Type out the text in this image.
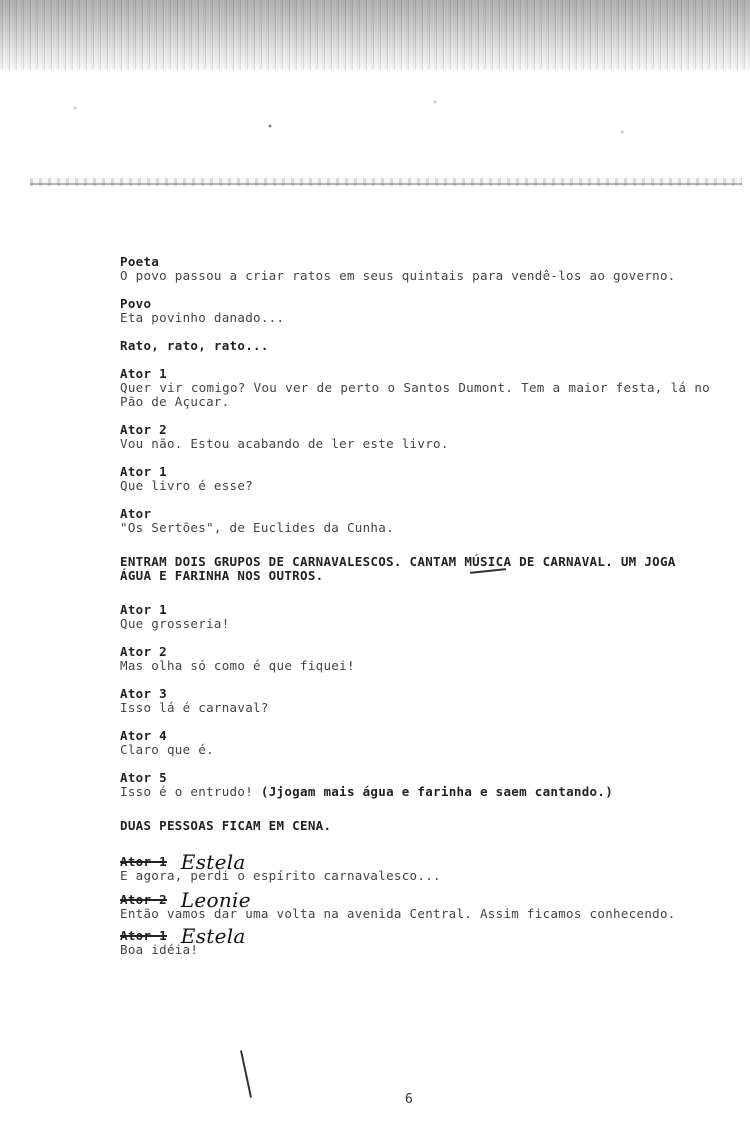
Poeta
O povo passou a criar ratos em seus quintais para vendê-los ao governo.
Povo
Eta povinho danado...
Rato, rato, rato...
Ator 1
Quer vir comigo? Vou ver de perto o Santos Dumont. Tem a maior festa, lá no Pão de Açucar.
Ator 2
Vou não. Estou acabando de ler este livro.
Ator 1
Que livro é esse?
Ator
"Os Sertões", de Euclides da Cunha.
ENTRAM DOIS GRUPOS DE CARNAVALESCOS. CANTAM MÚSICA DE CARNAVAL. UM JOGA ÁGUA E FARINHA NOS OUTROS.
Ator 1
Que grosseria!
Ator 2
Mas olha só como é que fiquei!
Ator 3
Isso lá é carnaval?
Ator 4
Claro que é.
Ator 5
Isso é o entrudo! (Jjogam mais água e farinha e saem cantando.)
DUAS PESSOAS FICAM EM CENA.
Ator 1 Estela
E agora, perdi o espírito carnavalesco...
Ator 2 Leonie
Então vamos dar uma volta na avenida Central. Assim ficamos conhecendo.
Ator 1 Estela
Boa idéia!
6
